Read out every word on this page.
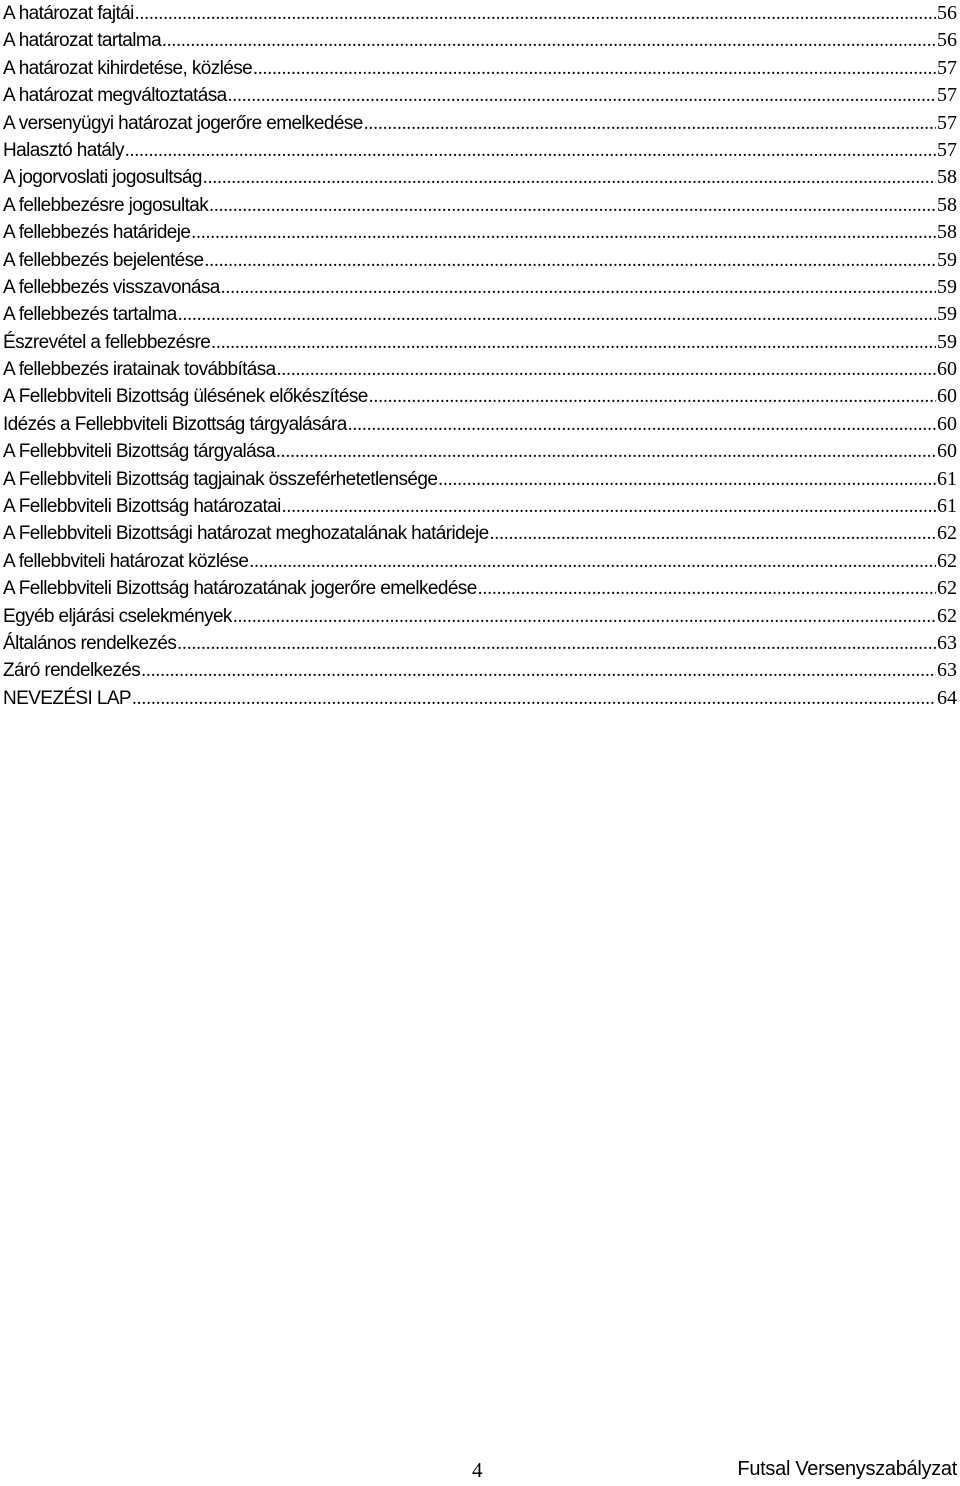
A határozat fajtái .....	56
A határozat tartalma .....	56
A határozat kihirdetése, közlése .....	57
A határozat megváltoztatása .....	57
A versenyügyi határozat jogerőre emelkedése .....	57
Halasztó hatály .....	57
A jogorvoslati jogosultság .....	58
A fellebbezésre jogosultak .....	58
A fellebbezés határideje .....	58
A fellebbezés bejelentése .....	59
A fellebbezés visszavonása .....	59
A fellebbezés tartalma .....	59
Észrevétel a fellebbezésre .....	59
A fellebbezés iratainak továbbítása .....	60
A Fellebbviteli Bizottság ülésének előkészítése .....	60
Idézés a Fellebbviteli Bizottság tárgyalására .....	60
A Fellebbviteli Bizottság tárgyalása .....	60
A Fellebbviteli Bizottság tagjainak összeférhetetlensége .....	61
A Fellebbviteli Bizottság határozatai .....	61
A Fellebbviteli Bizottsági határozat meghozatalának határideje .....	62
A fellebbviteli határozat közlése .....	62
A Fellebbviteli Bizottság határozatának jogerőre emelkedése .....	62
Egyéb eljárási cselekmények .....	62
Általános rendelkezés .....	63
Záró rendelkezés .....	63
NEVEZÉSI LAP .....	64
4	Futsal Versenyszabályzat
